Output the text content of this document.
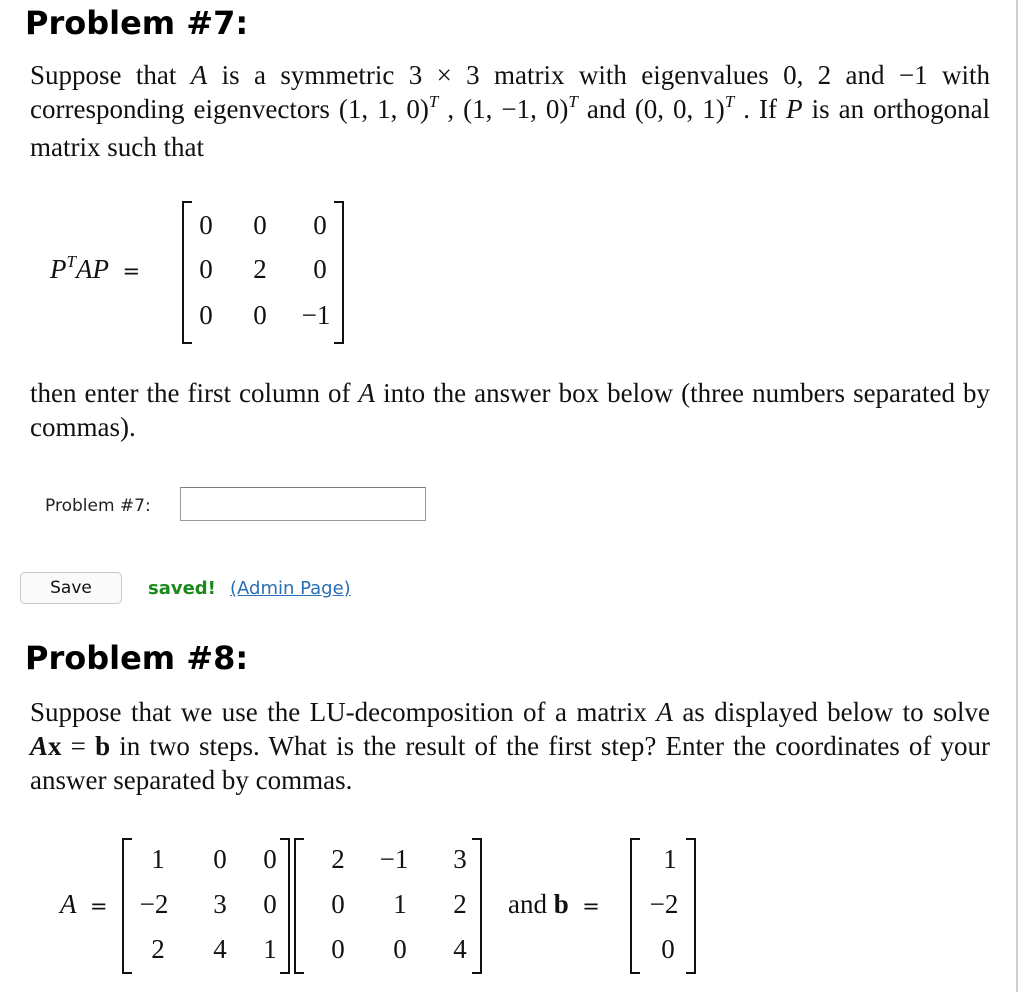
Problem #7:

Suppose that A is a symmetric 3 × 3 matrix with eigenvalues 0, 2 and −1 with corresponding eigenvectors (1, 1, 0)$^T$ , (1, −1, 0)$^T$ and (0, 0, 1)$^T$ . If P is an orthogonal matrix such that

$P^TAP$ =
0	0	0
0	2	0
0	0	−1

then enter the first column of A into the answer box below (three numbers separated by commas).

Problem #7:
Save	saved! (Admin Page)
Problem #8:

Suppose that we use the LU-decomposition of a matrix A as displayed below to solve Ax = b in two steps. What is the result of the first step? Enter the coordinates of your answer separated by commas.

A =
1	0	0
−2	3	0
2	4	1
2	−1	3
0	1	2
0	0	4
and b =
1
−2
0
